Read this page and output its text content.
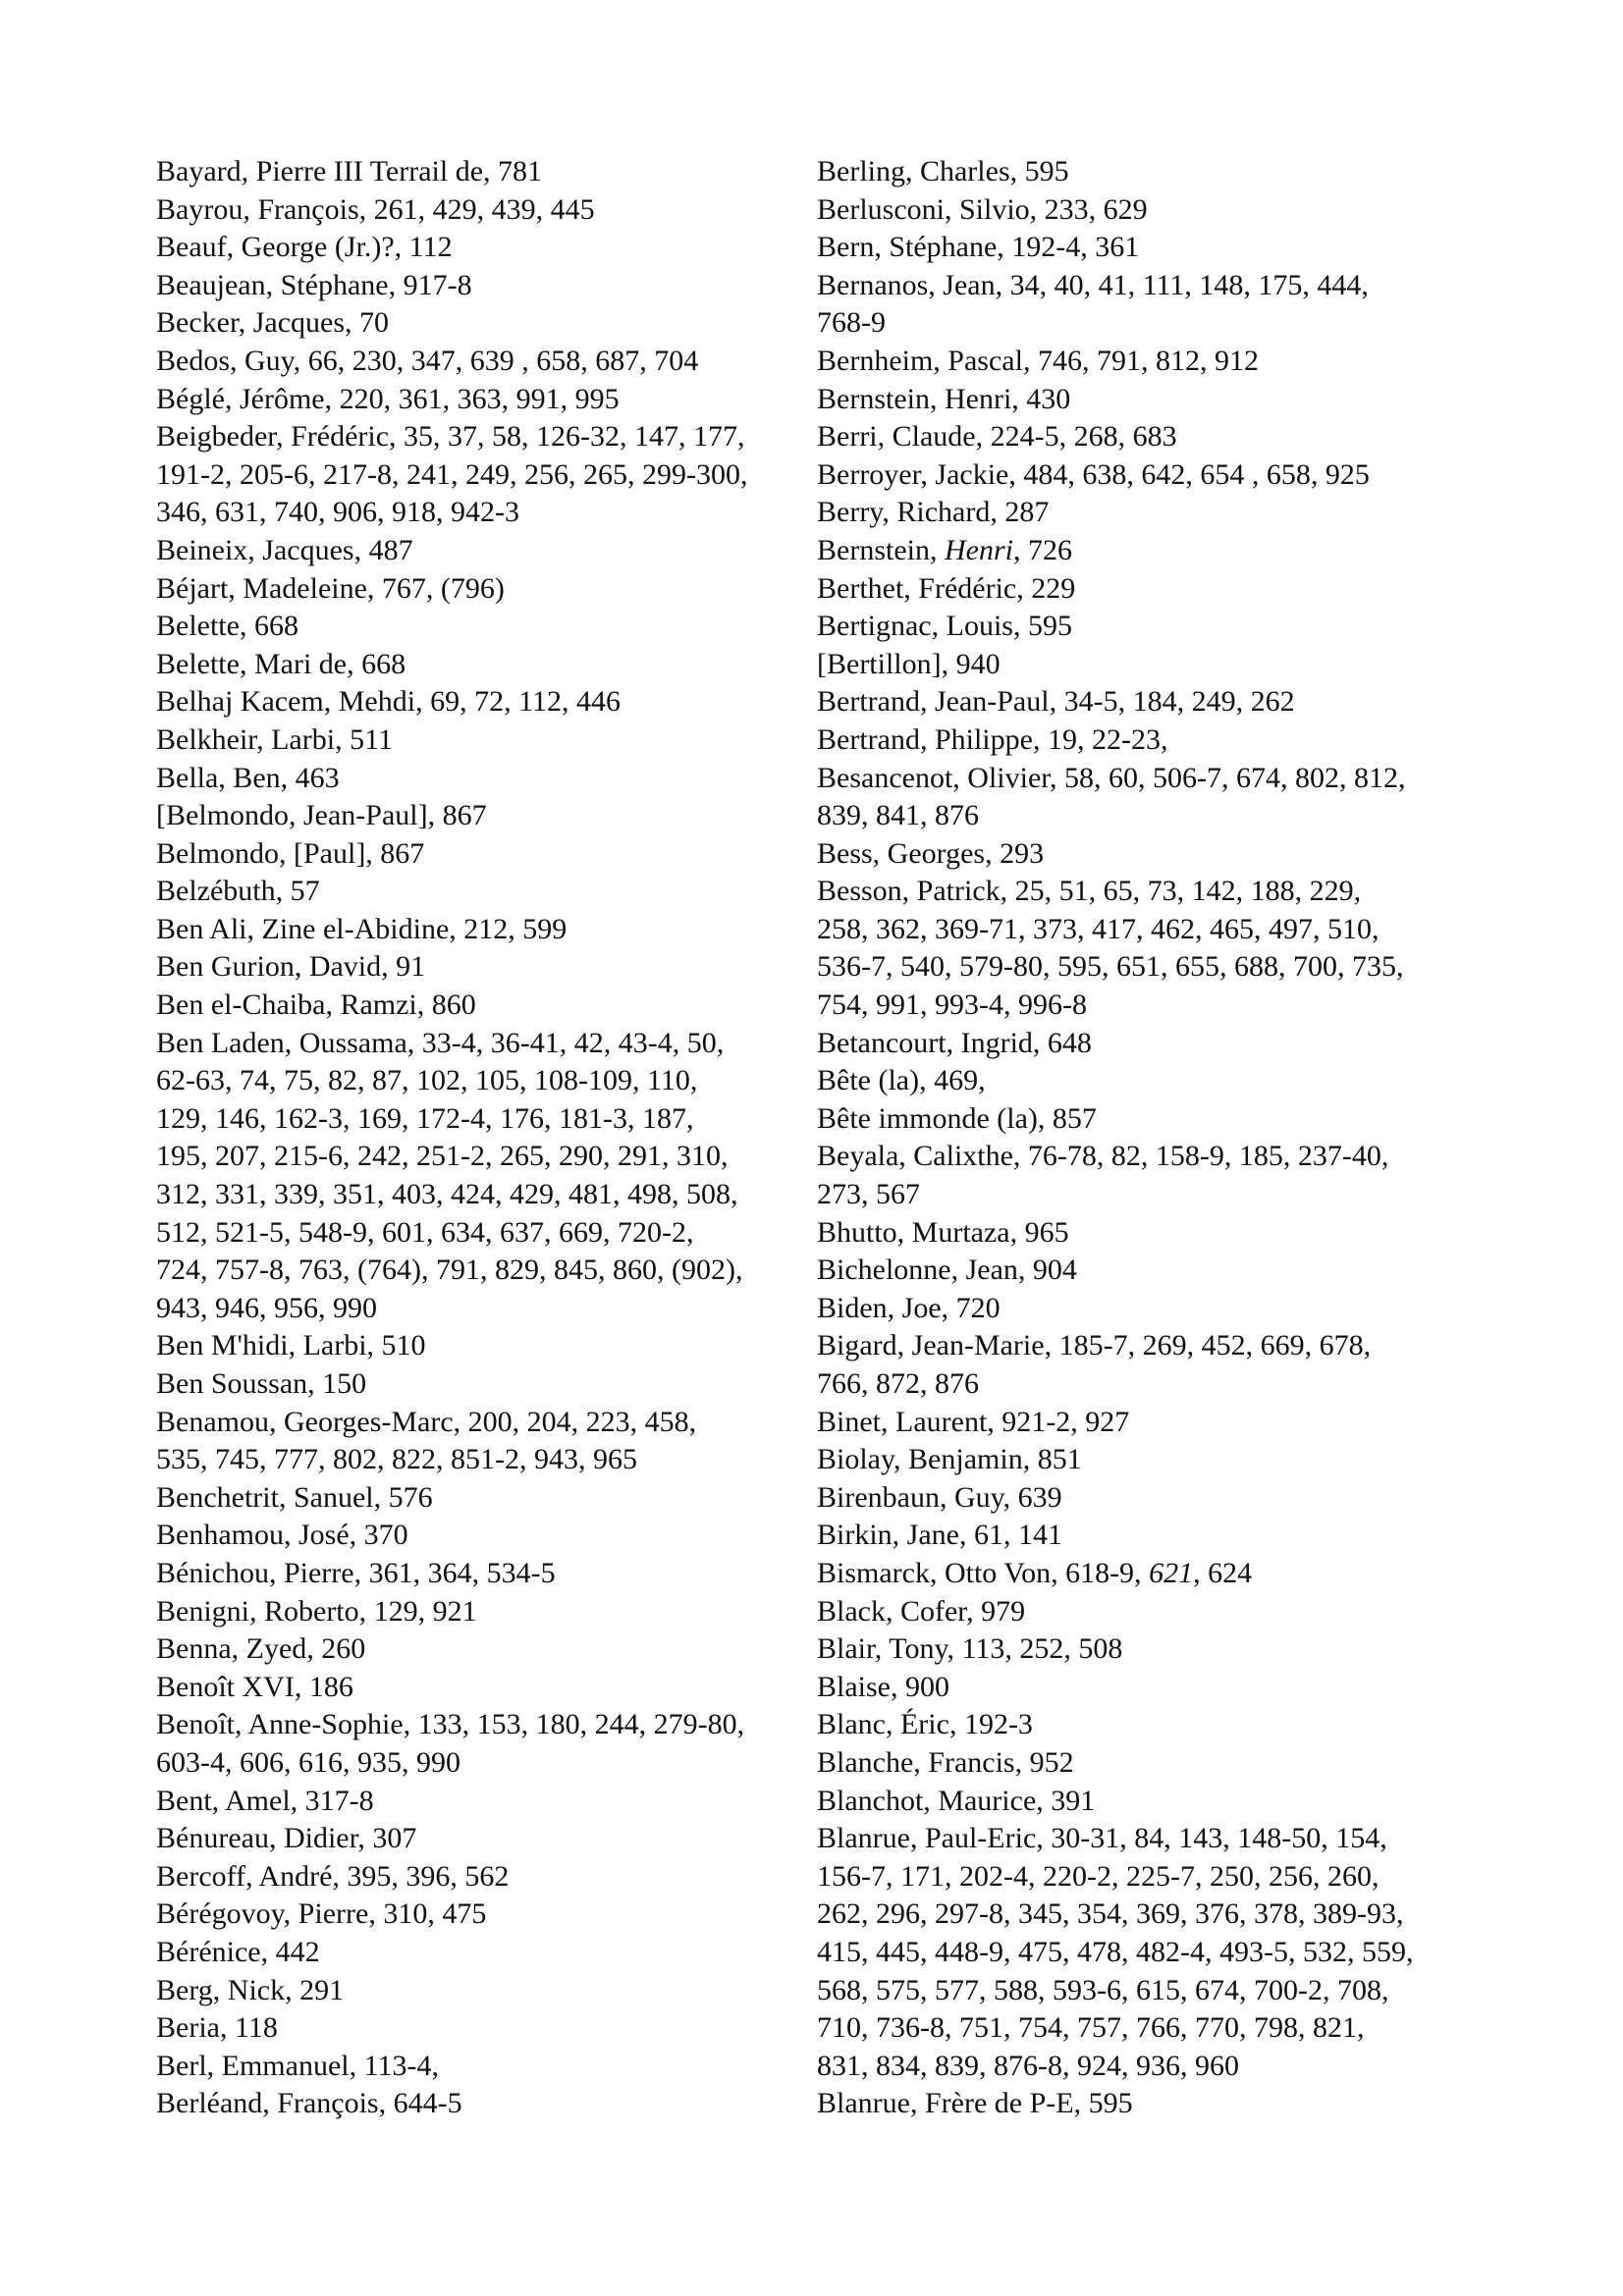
Bayard, Pierre III Terrail de, 781
Bayrou, François, 261, 429, 439, 445
Beauf, George (Jr.)?, 112
Beaujean, Stéphane, 917-8
Becker, Jacques, 70
Bedos, Guy, 66, 230, 347, 639 , 658, 687, 704
Béglé, Jérôme, 220, 361, 363, 991, 995
Beigbeder, Frédéric, 35, 37, 58, 126-32, 147, 177,
191-2, 205-6, 217-8, 241, 249, 256, 265, 299-300,
346, 631, 740, 906, 918, 942-3
Beineix, Jacques, 487
Béjart, Madeleine, 767, (796)
Belette, 668
Belette, Mari de, 668
Belhaj Kacem, Mehdi, 69, 72, 112, 446
Belkheir, Larbi, 511
Bella, Ben, 463
[Belmondo, Jean-Paul], 867
Belmondo, [Paul], 867
Belzébuth, 57
Ben Ali, Zine el-Abidine, 212, 599
Ben Gurion, David, 91
Ben el-Chaiba, Ramzi, 860
Ben Laden, Oussama, 33-4, 36-41, 42, 43-4, 50,
62-63, 74, 75, 82, 87, 102, 105, 108-109, 110,
129, 146, 162-3, 169, 172-4, 176, 181-3, 187,
195, 207, 215-6, 242, 251-2, 265, 290, 291, 310,
312, 331, 339, 351, 403, 424, 429, 481, 498, 508,
512, 521-5, 548-9, 601, 634, 637, 669, 720-2,
724, 757-8, 763, (764), 791, 829, 845, 860, (902),
943, 946, 956, 990
Ben M'hidi, Larbi, 510
Ben Soussan, 150
Benamou, Georges-Marc, 200, 204, 223, 458,
535, 745, 777, 802, 822, 851-2, 943, 965
Benchetrit, Sanuel, 576
Benhamou, José, 370
Bénichou, Pierre, 361, 364, 534-5
Benigni, Roberto, 129, 921
Benna, Zyed, 260
Benoît XVI, 186
Benoît, Anne-Sophie, 133, 153, 180, 244, 279-80,
603-4, 606, 616, 935, 990
Bent, Amel, 317-8
Bénureau, Didier, 307
Bercoff, André, 395, 396, 562
Bérégovoy, Pierre, 310, 475
Bérénice, 442
Berg, Nick, 291
Beria, 118
Berl, Emmanuel, 113-4,
Berléand, François, 644-5
Berling, Charles, 595
Berlusconi, Silvio, 233, 629
Bern, Stéphane, 192-4, 361
Bernanos, Jean, 34, 40, 41, 111, 148, 175, 444,
768-9
Bernheim, Pascal, 746, 791, 812, 912
Bernstein, Henri, 430
Berri, Claude, 224-5, 268, 683
Berroyer, Jackie, 484, 638, 642, 654 , 658, 925
Berry, Richard, 287
Bernstein, Henri, 726
Berthet, Frédéric, 229
Bertignac, Louis, 595
[Bertillon], 940
Bertrand, Jean-Paul, 34-5, 184, 249, 262
Bertrand, Philippe, 19, 22-23,
Besancenot, Olivier, 58, 60, 506-7, 674, 802, 812,
839, 841, 876
Bess, Georges, 293
Besson, Patrick, 25, 51, 65, 73, 142, 188, 229,
258, 362, 369-71, 373, 417, 462, 465, 497, 510,
536-7, 540, 579-80, 595, 651, 655, 688, 700, 735,
754, 991, 993-4, 996-8
Betancourt, Ingrid, 648
Bête (la), 469,
Bête immonde (la), 857
Beyala, Calixthe, 76-78, 82, 158-9, 185, 237-40,
273, 567
Bhutto, Murtaza, 965
Bichelonne, Jean, 904
Biden, Joe, 720
Bigard, Jean-Marie, 185-7, 269, 452, 669, 678,
766, 872, 876
Binet, Laurent, 921-2, 927
Biolay, Benjamin, 851
Birenbaun, Guy, 639
Birkin, Jane, 61, 141
Bismarck, Otto Von, 618-9, 621, 624
Black, Cofer, 979
Blair, Tony, 113, 252, 508
Blaise, 900
Blanc, Éric, 192-3
Blanche, Francis, 952
Blanchot, Maurice, 391
Blanrue, Paul-Eric, 30-31, 84, 143, 148-50, 154,
156-7, 171, 202-4, 220-2, 225-7, 250, 256, 260,
262, 296, 297-8, 345, 354, 369, 376, 378, 389-93,
415, 445, 448-9, 475, 478, 482-4, 493-5, 532, 559,
568, 575, 577, 588, 593-6, 615, 674, 700-2, 708,
710, 736-8, 751, 754, 757, 766, 770, 798, 821,
831, 834, 839, 876-8, 924, 936, 960
Blanrue, Frère de P-E, 595
